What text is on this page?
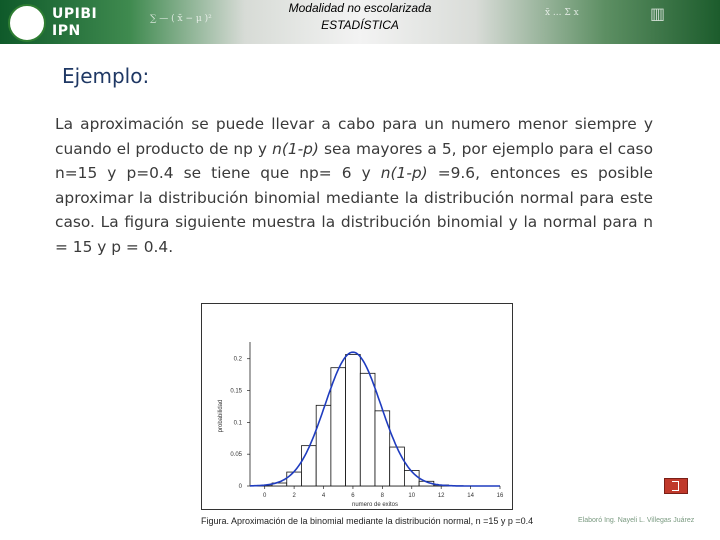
UPIBI
IPN
∑ — ( x̄ − μ )²
x̄ ... Σ x	▥
Modalidad no escolarizada
ESTADÍSTICA
Ejemplo:
La aproximación se puede llevar a cabo para un numero menor siempre y cuando el producto de np y n(1-p) sea mayores a 5, por ejemplo para el caso n=15 y p=0.4 se tiene que np= 6 y n(1-p) =9.6, entonces es posible aproximar la distribución binomial mediante la distribución normal para este caso. La figura siguiente muestra la distribución binomial y la normal para n = 15 y p = 0.4.
0	2	4	6	8	10	12	14	16
0
0.05
0.1
0.15
0.2
numero de exitos
probabilidad
Figura. Aproximación de la binomial mediante la distribución normal, n =15 y p =0.4	Elaboró Ing. Nayeli L. Villegas Juárez
